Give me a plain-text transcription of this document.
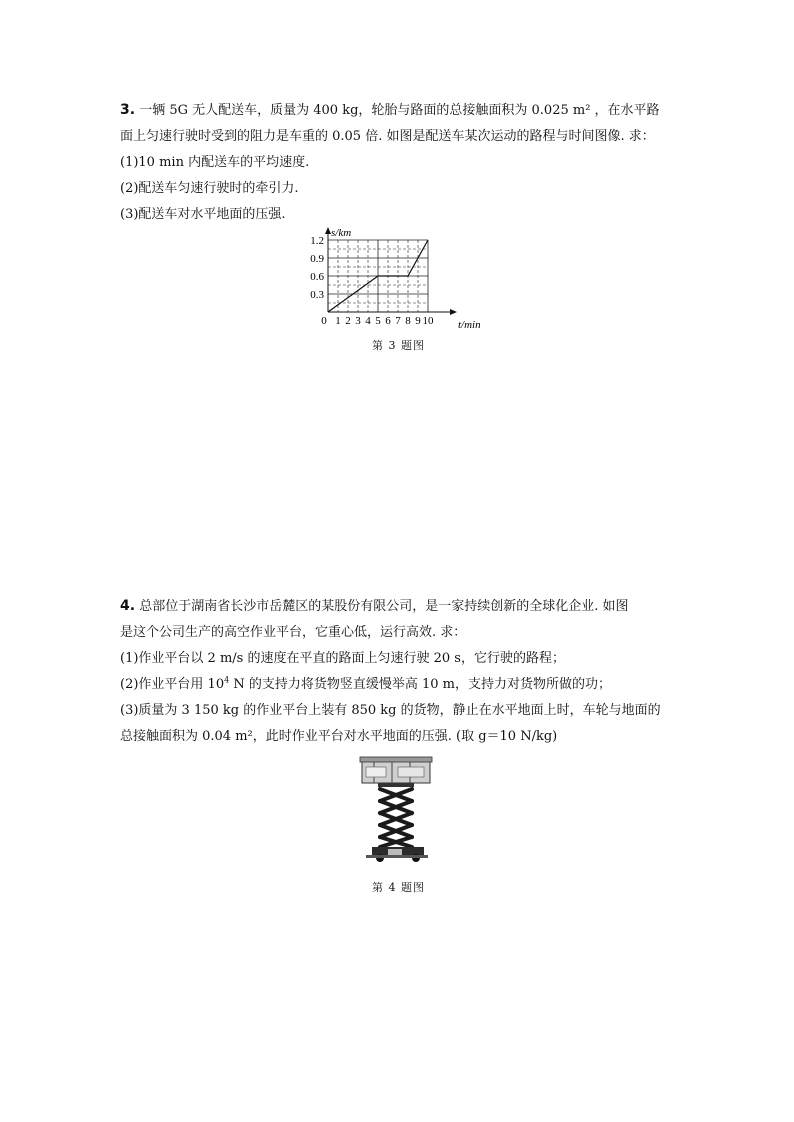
3. 一辆 5G 无人配送车，质量为 400 kg，轮胎与路面的总接触面积为 0.025 m² ，在水平路

面上匀速行驶时受到的阻力是车重的 0.05 倍. 如图是配送车某次运动的路程与时间图像. 求：

(1)10 min 内配送车的平均速度.

(2)配送车匀速行驶时的牵引力.

(3)配送车对水平地面的压强.

0.3
0.6
0.9
1.2
0 1 2 3 4 5 6 7 8 9 10
s/km
t/min
第 3 题图

4. 总部位于湖南省长沙市岳麓区的某股份有限公司，是一家持续创新的全球化企业. 如图

是这个公司生产的高空作业平台，它重心低，运行高效. 求：

(1)作业平台以 2 m/s 的速度在平直的路面上匀速行驶 20 s，它行驶的路程；

(2)作业平台用 $10^4$ N 的支持力将货物竖直缓慢举高 10 m，支持力对货物所做的功；

(3)质量为 3 150 kg 的作业平台上装有 850 kg 的货物，静止在水平地面上时，车轮与地面的

总接触面积为 0.04 m²，此时作业平台对水平地面的压强. (取 g＝10 N/kg)

第 4 题图
